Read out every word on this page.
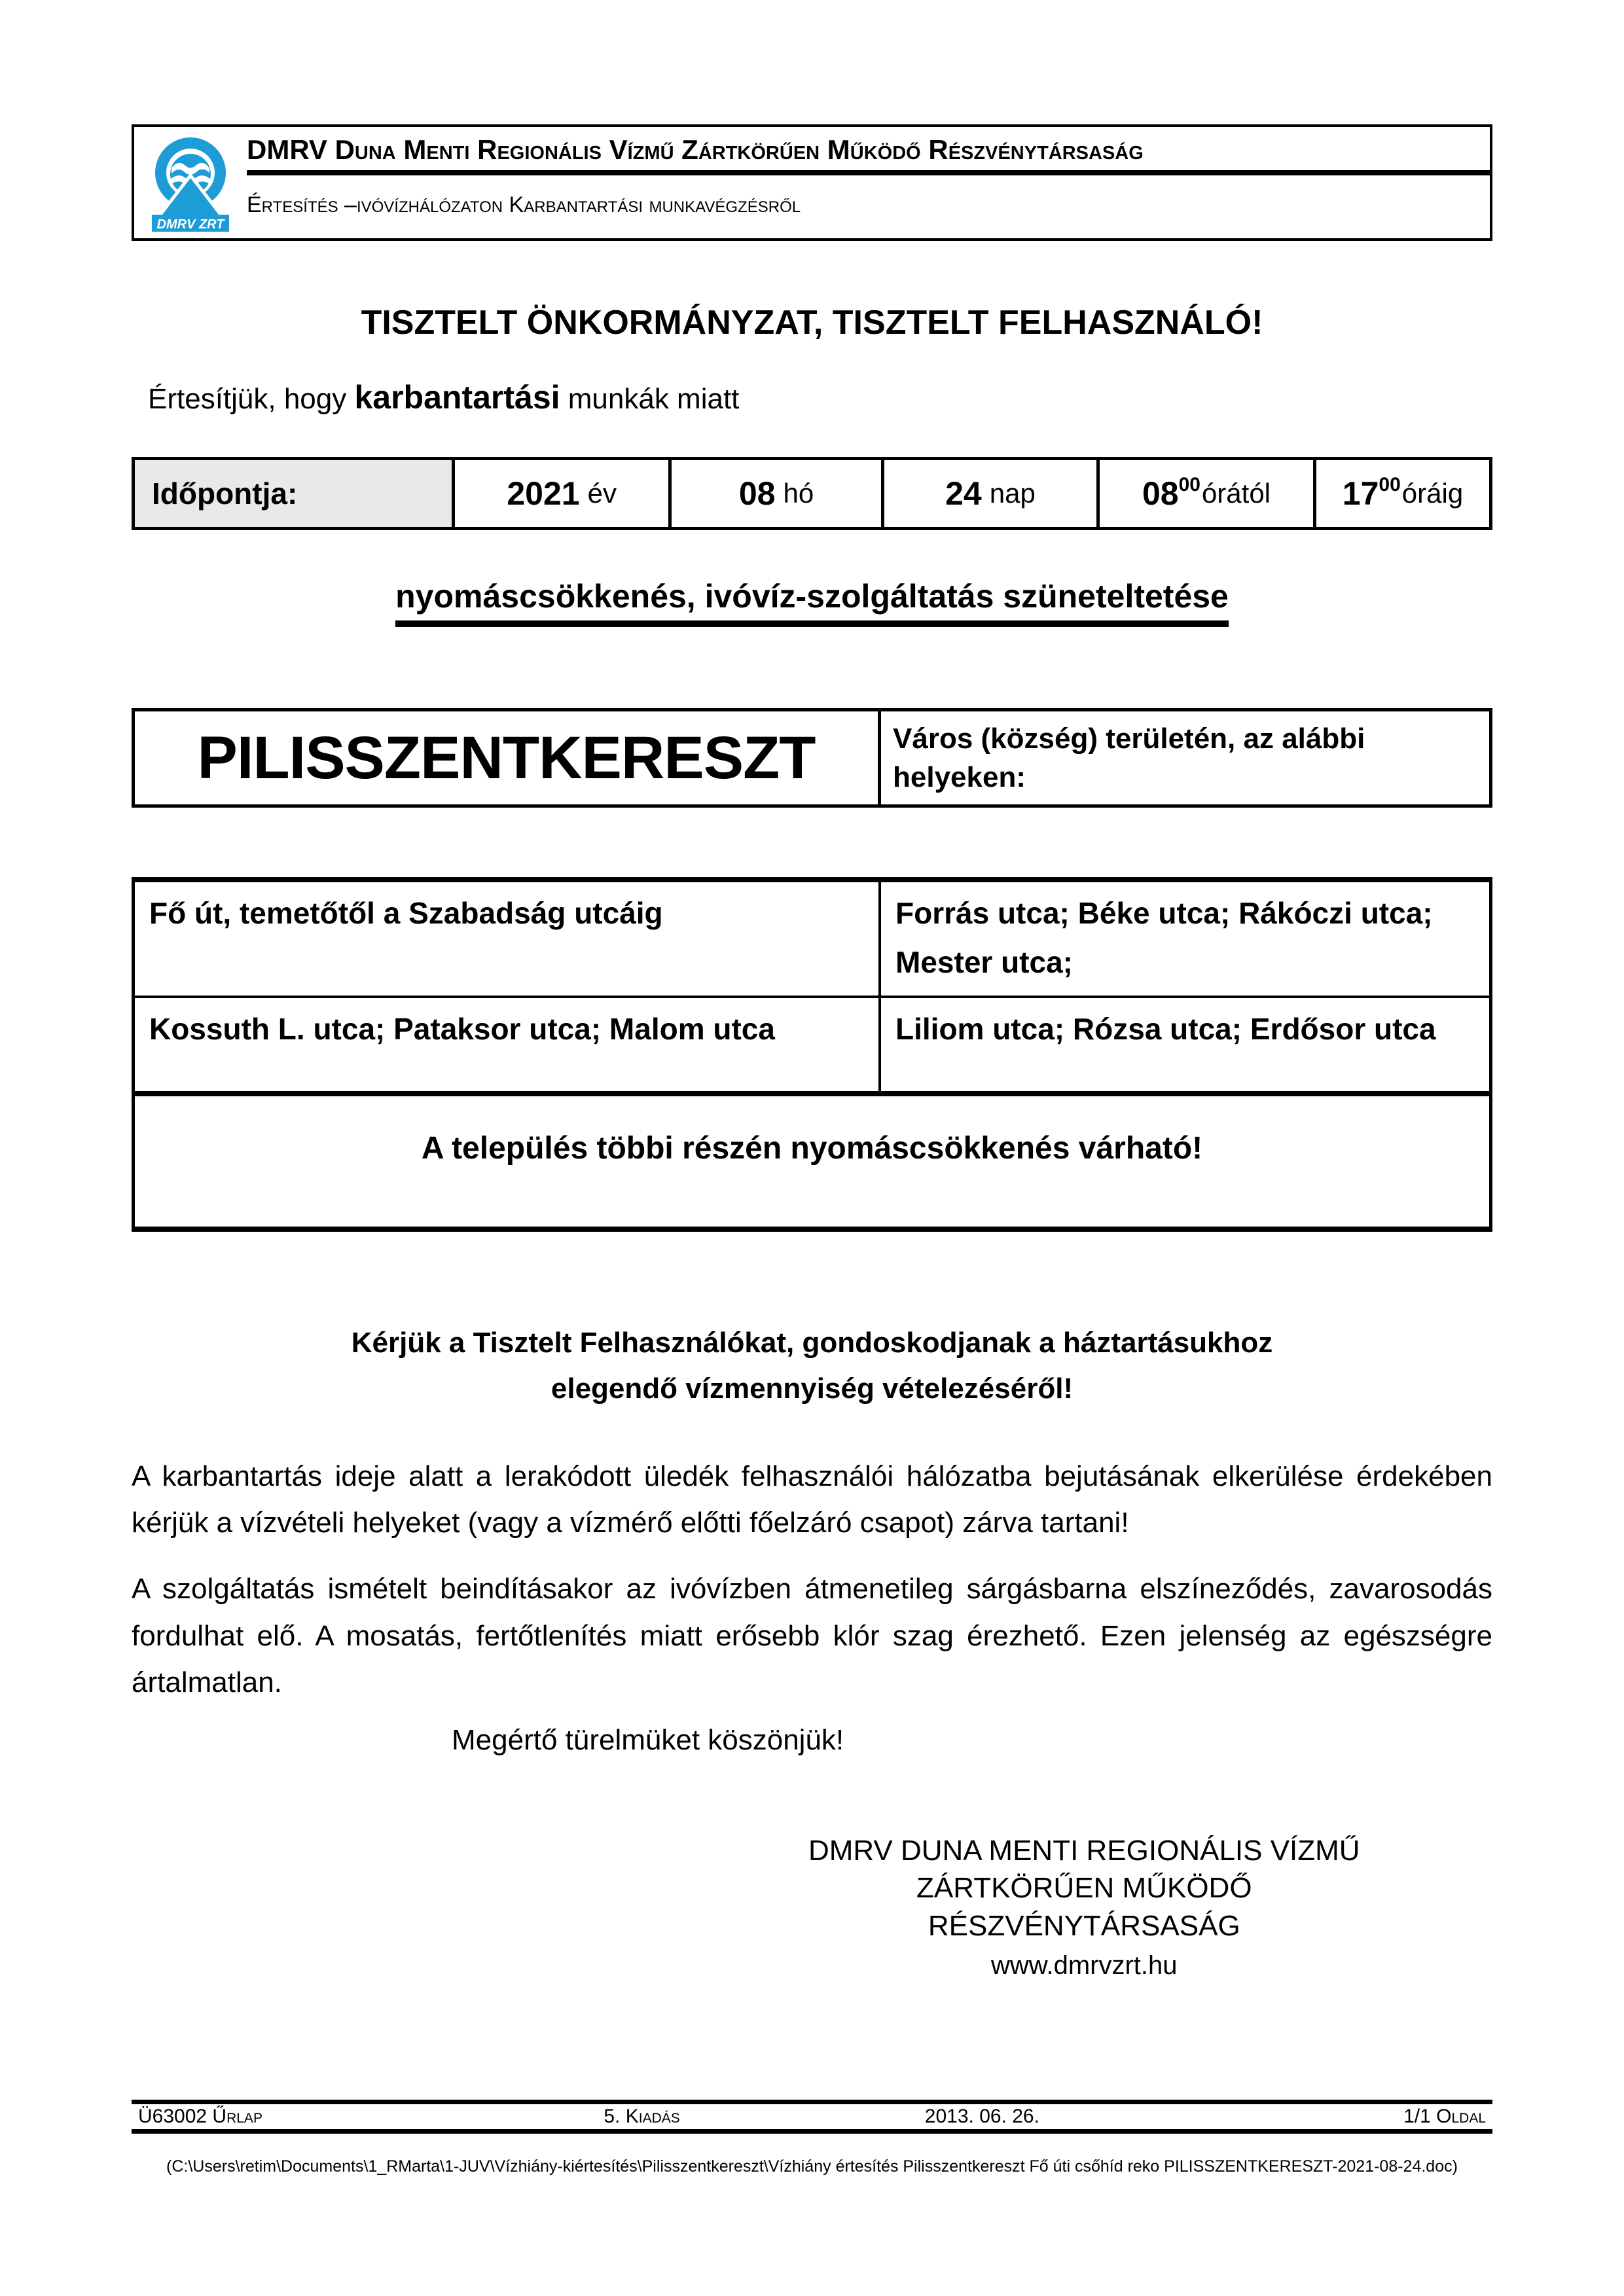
DMRV ZRT
DMRV Duna Menti Regionális Vízmű Zártkörűen Működő Részvénytársaság
Értesítés –ivóvízhálózaton Karbantartási munkavégzésről
TISZTELT ÖNKORMÁNYZAT, TISZTELT FELHASZNÁLÓ!
Értesítjük, hogy karbantartási munkák miatt
Időpontja:	2021 év	08 hó	24 nap	08 00 órától 17 00 óráig
nyomáscsökkenés, ivóvíz-szolgáltatás szüneteltetése
PILISSZENTKERESZT	Város (község) területén, az alábbi helyeken:
Fő út, temetőtől a Szabadság utcáig	Forrás utca; Béke utca; Rákóczi utca; Mester utca;
Kossuth L. utca; Pataksor utca; Malom utca	Liliom utca; Rózsa utca; Erdősor utca
A település többi részén nyomáscsökkenés várható!
Kérjük a Tisztelt Felhasználókat, gondoskodjanak a háztartásukhoz
elegendő vízmennyiség vételezéséről!
A karbantartás ideje alatt a lerakódott üledék felhasználói hálózatba bejutásának elkerülése érdekében kérjük a vízvételi helyeket (vagy a vízmérő előtti főelzáró csapot) zárva tartani!
A szolgáltatás ismételt beindításakor az ivóvízben átmenetileg sárgásbarna elszíneződés, zavarosodás fordulhat elő. A mosatás, fertőtlenítés miatt erősebb klór szag érezhető. Ezen jelenség az egészségre ártalmatlan.
Megértő türelmüket köszönjük!
DMRV DUNA MENTI REGIONÁLIS VÍZMŰ
ZÁRTKÖRŰEN MŰKÖDŐ RÉSZVÉNYTÁRSASÁG
www.dmrvzrt.hu
Ü63002 Űrlap	5. Kiadás	2013. 06. 26.	1/1 Oldal
(C:\Users\retim\Documents\1_RMarta\1-JUV\Vízhiány-kiértesítés\Pilisszentkereszt\Vízhiány értesítés Pilisszentkereszt Fő úti csőhíd reko PILISSZENTKERESZT-2021-08-24.doc)
